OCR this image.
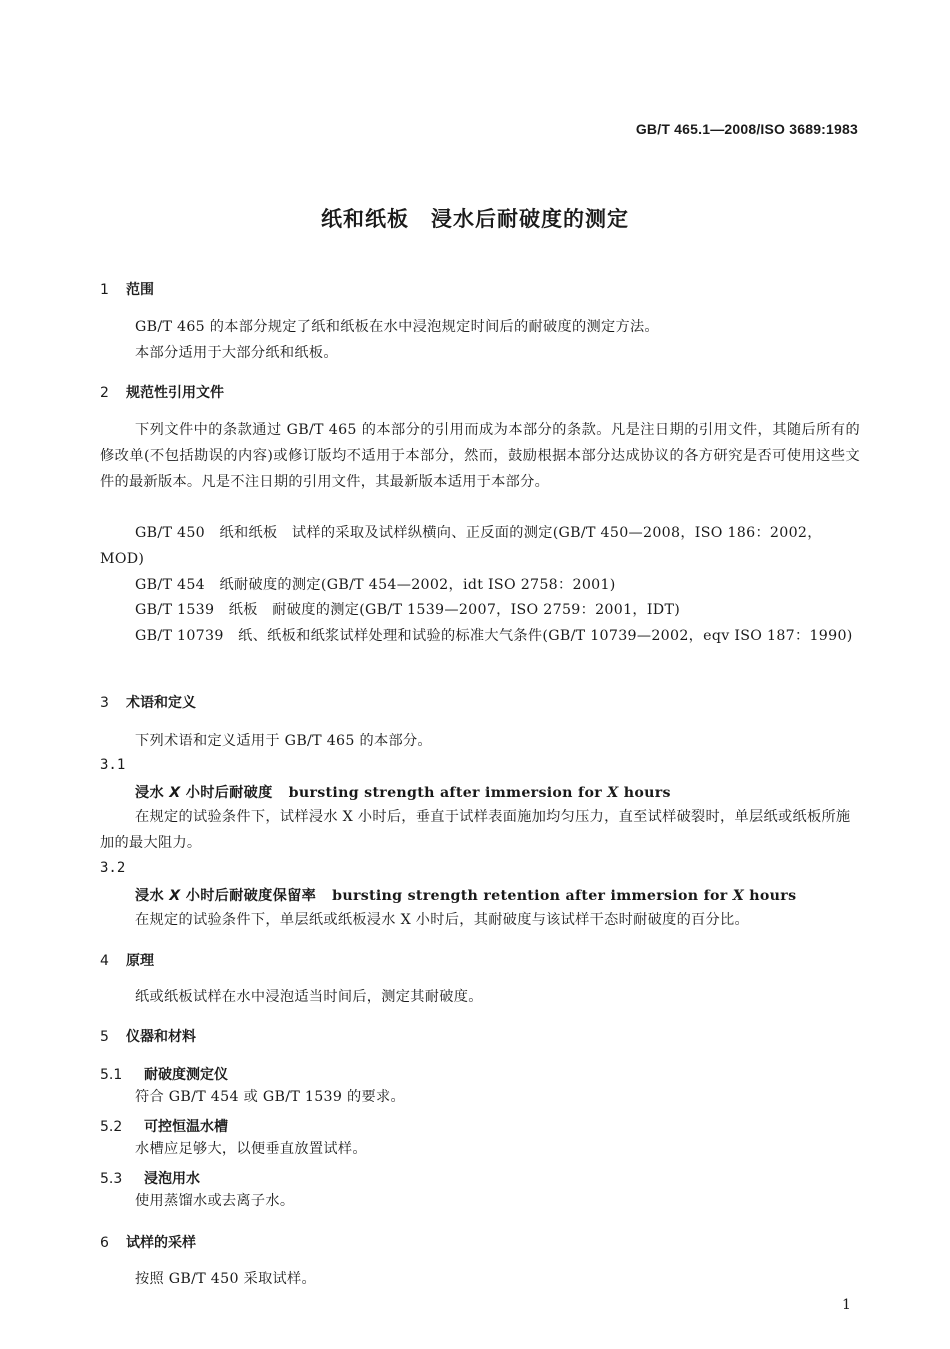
GB/T 465.1—2008/ISO 3689:1983
纸和纸板　浸水后耐破度的测定
1 范围
GB/T 465 的本部分规定了纸和纸板在水中浸泡规定时间后的耐破度的测定方法。
本部分适用于大部分纸和纸板。
2 规范性引用文件
下列文件中的条款通过 GB/T 465 的本部分的引用而成为本部分的条款。凡是注日期的引用文件，其随后所有的修改单(不包括勘误的内容)或修订版均不适用于本部分，然而，鼓励根据本部分达成协议的各方研究是否可使用这些文件的最新版本。凡是不注日期的引用文件，其最新版本适用于本部分。
GB/T 450　纸和纸板　试样的采取及试样纵横向、正反面的测定(GB/T 450—2008，ISO 186：2002，MOD)
GB/T 454　纸耐破度的测定(GB/T 454—2002，idt ISO 2758：2001)
GB/T 1539　纸板　耐破度的测定(GB/T 1539—2007，ISO 2759：2001，IDT)
GB/T 10739　纸、纸板和纸浆试样处理和试验的标准大气条件(GB/T 10739—2002，eqv ISO 187：1990)
3 术语和定义
下列术语和定义适用于 GB/T 465 的本部分。
3.1
浸水 X 小时后耐破度 bursting strength after immersion for X hours
在规定的试验条件下，试样浸水 X 小时后，垂直于试样表面施加均匀压力，直至试样破裂时，单层纸或纸板所施加的最大阻力。
3.2
浸水 X 小时后耐破度保留率 bursting strength retention after immersion for X hours
在规定的试验条件下，单层纸或纸板浸水 X 小时后，其耐破度与该试样干态时耐破度的百分比。
4 原理
纸或纸板试样在水中浸泡适当时间后，测定其耐破度。
5 仪器和材料
5.1 耐破度测定仪
符合 GB/T 454 或 GB/T 1539 的要求。
5.2 可控恒温水槽
水槽应足够大，以便垂直放置试样。
5.3 浸泡用水
使用蒸馏水或去离子水。
6 试样的采样
按照 GB/T 450 采取试样。
1
